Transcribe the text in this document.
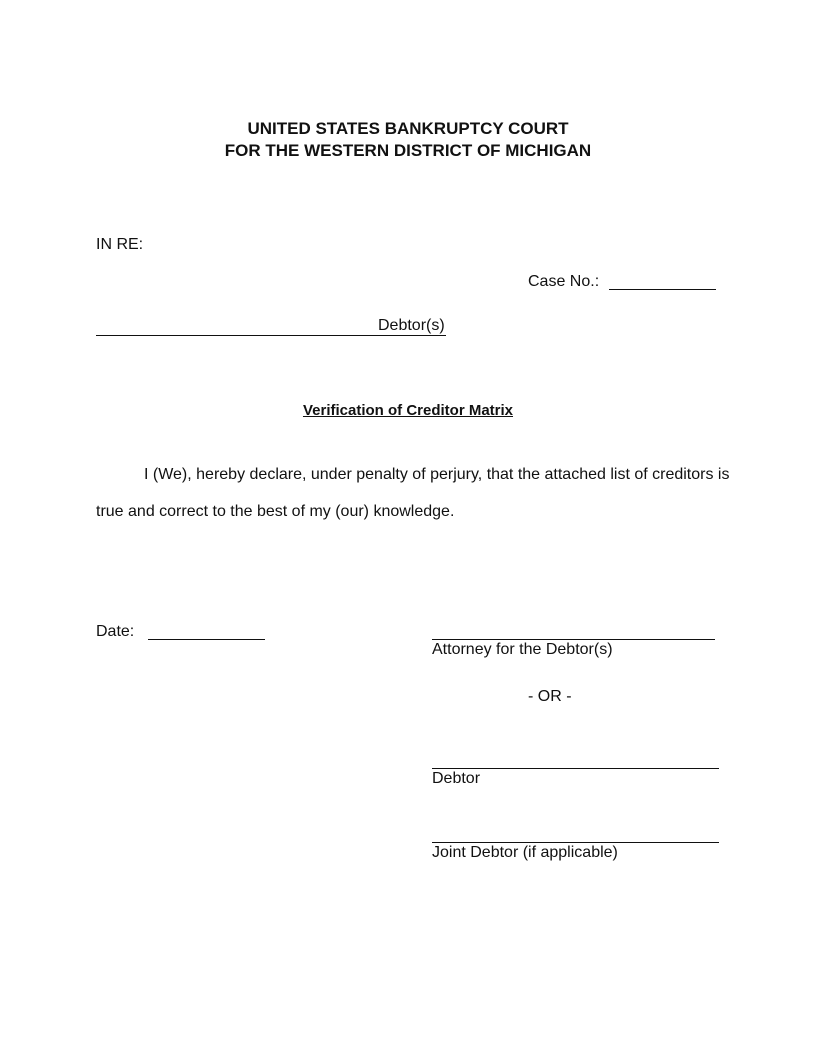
UNITED STATES BANKRUPTCY COURT
FOR THE WESTERN DISTRICT OF MICHIGAN
IN RE:
Case No.:
Debtor(s)
Verification of Creditor Matrix
I (We), hereby declare, under penalty of perjury, that the attached list of creditors is true and correct to the best of my (our) knowledge.
Date:
Attorney for the Debtor(s)
- OR -
Debtor
Joint Debtor (if applicable)
